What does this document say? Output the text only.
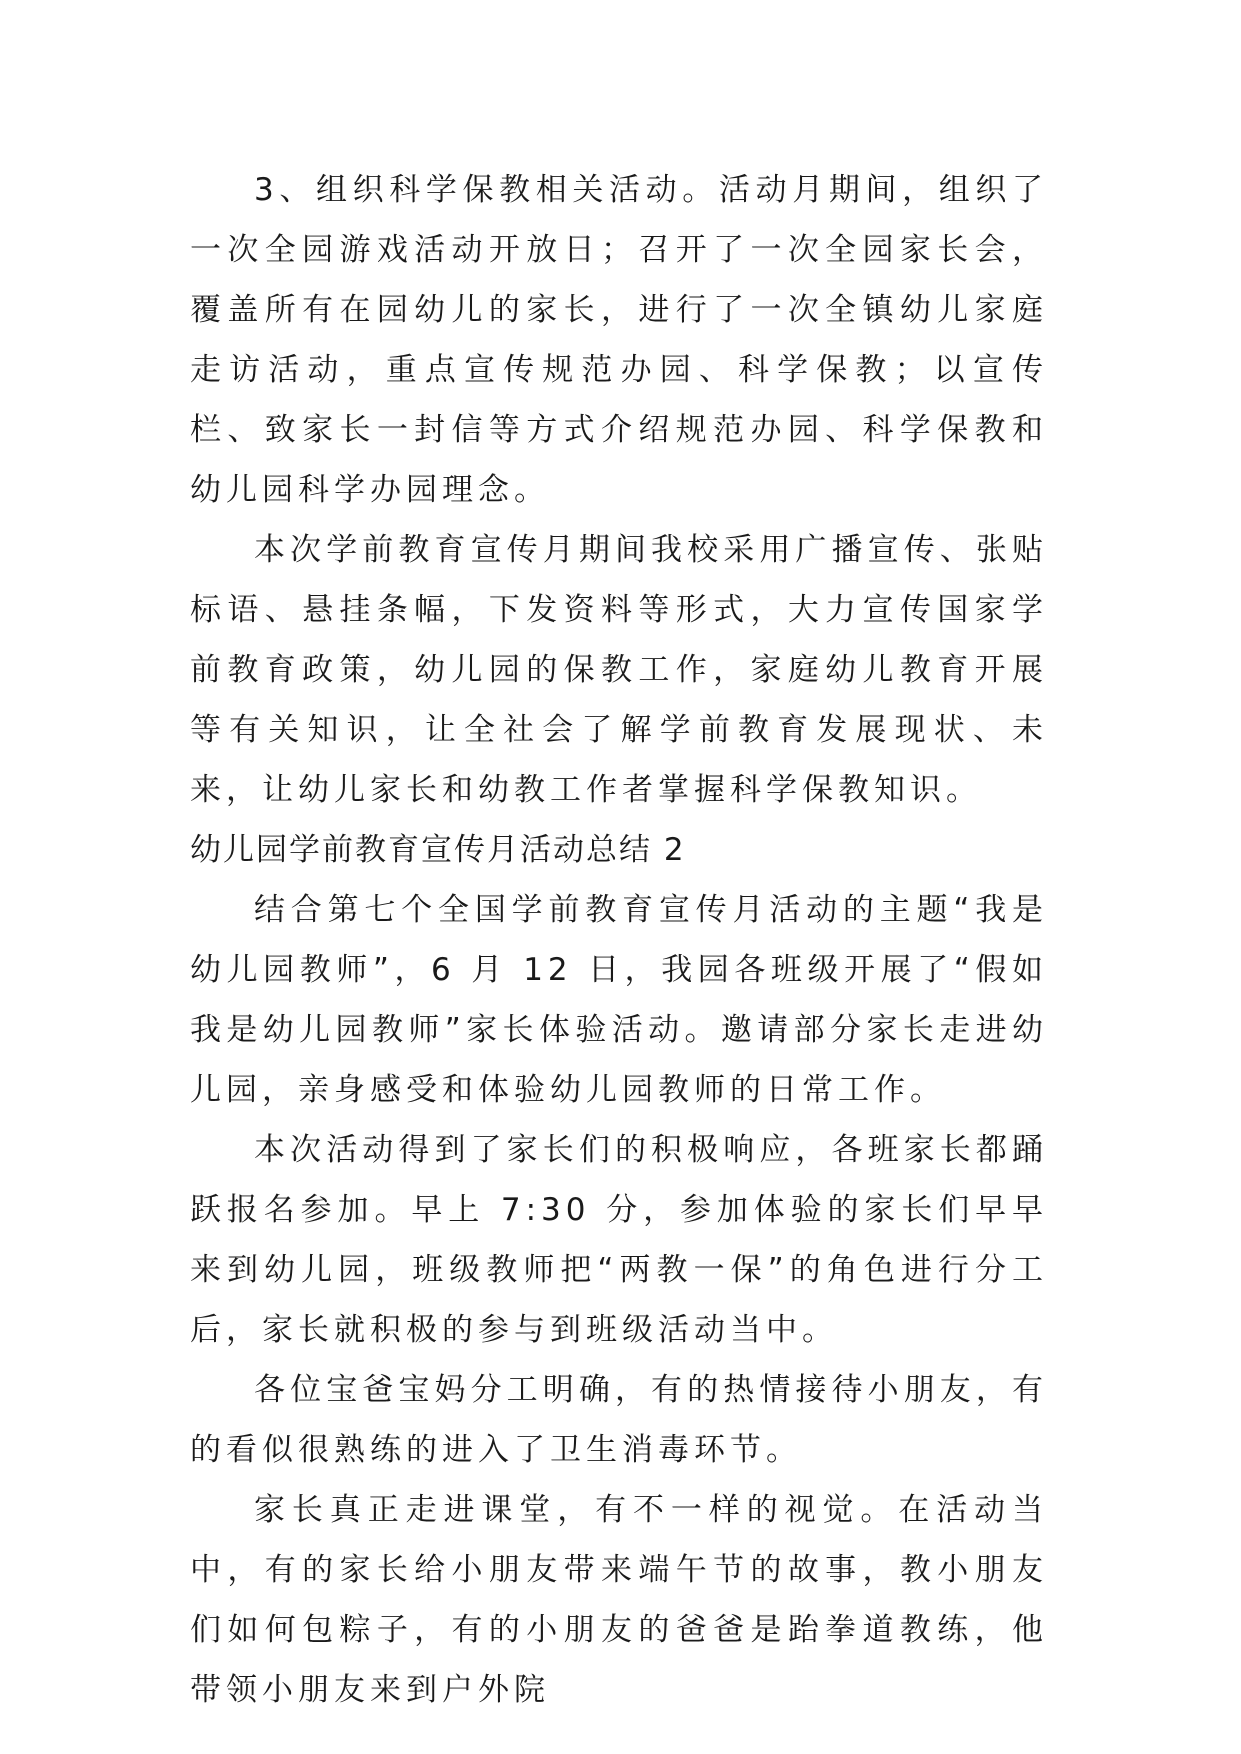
3、组织科学保教相关活动。活动月期间，组织了一次全园游戏活动开放日；召开了一次全园家长会，覆盖所有在园幼儿的家长，进行了一次全镇幼儿家庭走访活动，重点宣传规范办园、科学保教；以宣传栏、致家长一封信等方式介绍规范办园、科学保教和幼儿园科学办园理念。

本次学前教育宣传月期间我校采用广播宣传、张贴标语、悬挂条幅，下发资料等形式，大力宣传国家学前教育政策，幼儿园的保教工作，家庭幼儿教育开展等有关知识，让全社会了解学前教育发展现状、未来，让幼儿家长和幼教工作者掌握科学保教知识。

幼儿园学前教育宣传月活动总结 2

结合第七个全国学前教育宣传月活动的主题“我是幼儿园教师”，6 月 12 日，我园各班级开展了“假如我是幼儿园教师”家长体验活动。邀请部分家长走进幼儿园，亲身感受和体验幼儿园教师的日常工作。

本次活动得到了家长们的积极响应，各班家长都踊跃报名参加。早上 7:30 分，参加体验的家长们早早来到幼儿园，班级教师把“两教一保”的角色进行分工后，家长就积极的参与到班级活动当中。

各位宝爸宝妈分工明确，有的热情接待小朋友，有的看似很熟练的进入了卫生消毒环节。

家长真正走进课堂，有不一样的视觉。在活动当中，有的家长给小朋友带来端午节的故事，教小朋友们如何包粽子，有的小朋友的爸爸是跆拳道教练，他带领小朋友来到户外院
